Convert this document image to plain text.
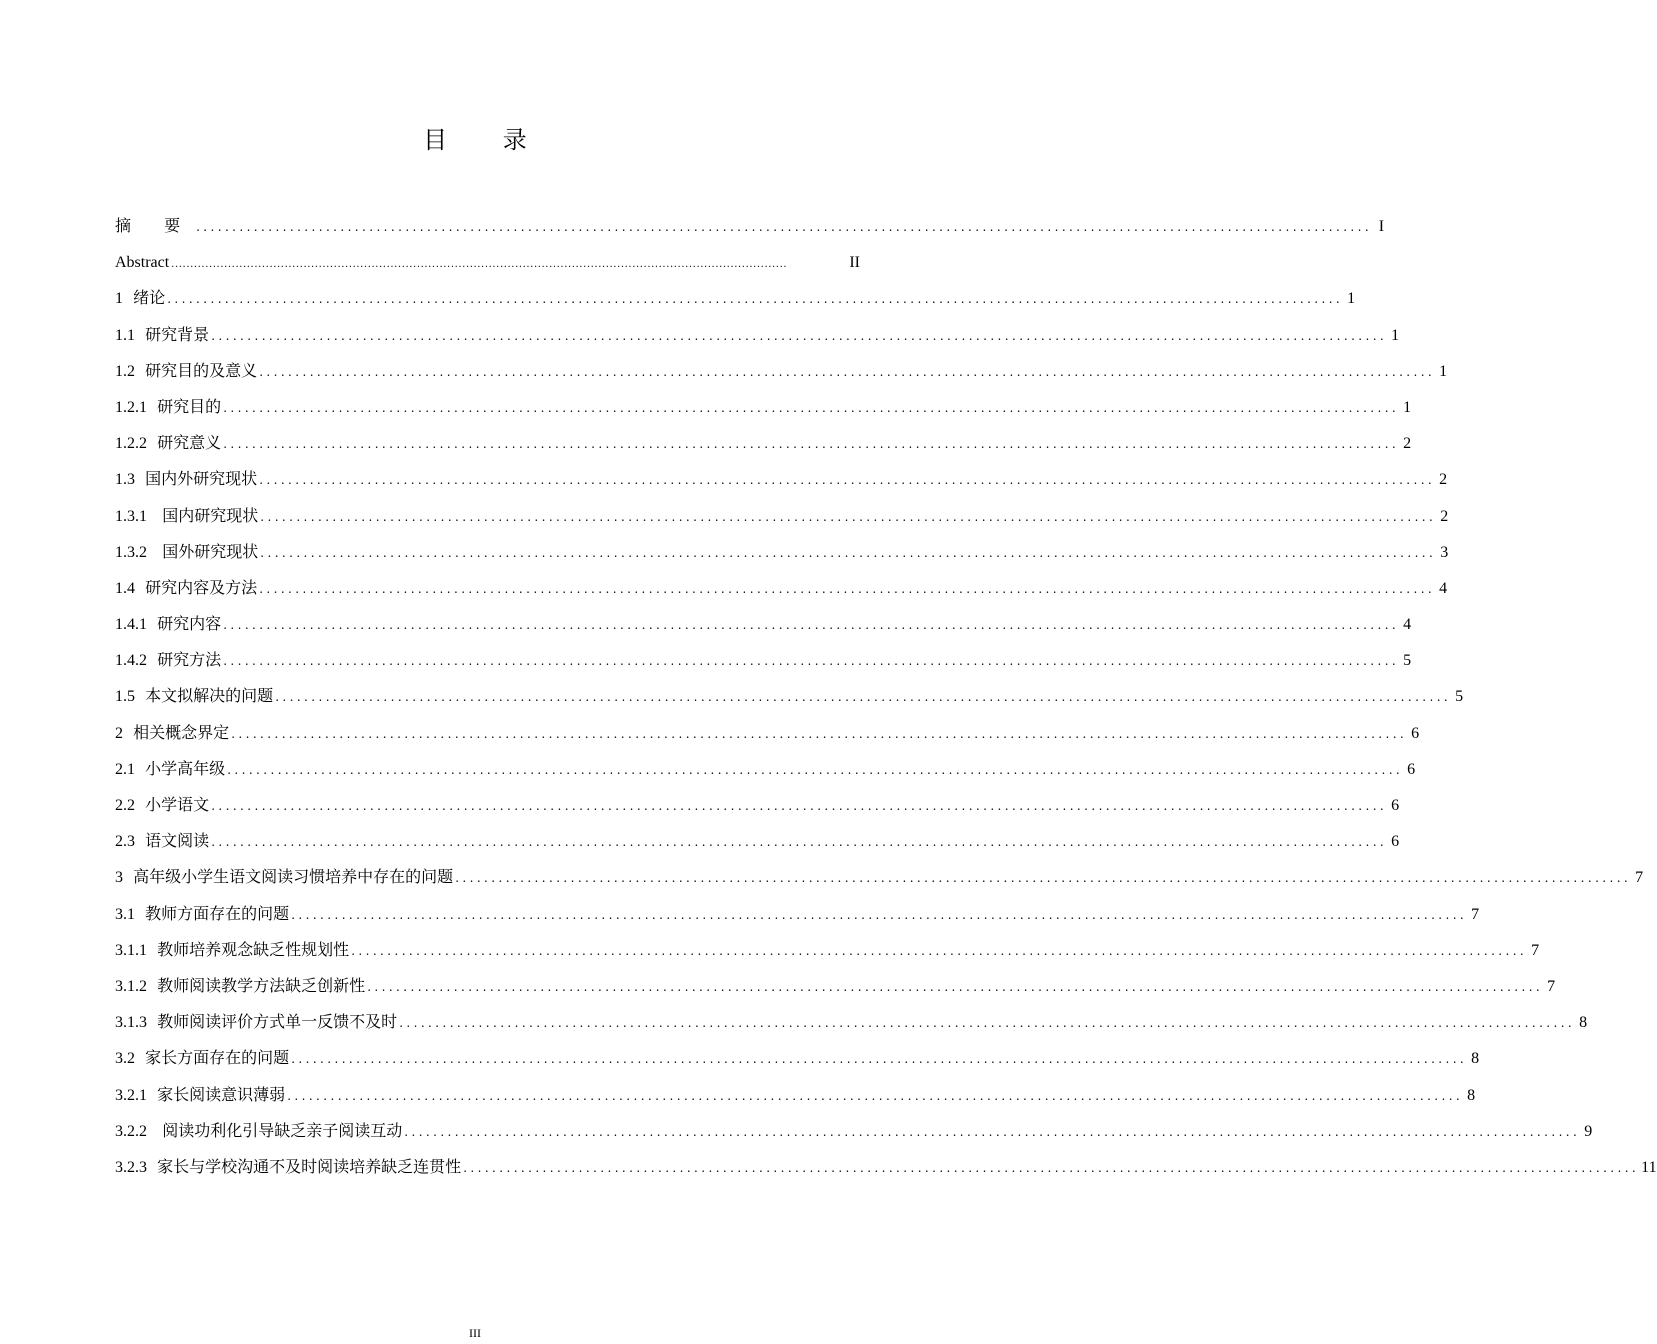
目 录
摘 要 ................................................................................................................................................................... I
Abstract ...................................................................................................................................................................	II
1 绪论 ................................................................................................................................................................... 1
1.1 研究背景 ................................................................................................................................................................... 1
1.2 研究目的及意义 ................................................................................................................................................................... 1
1.2.1 研究目的 ................................................................................................................................................................... 1
1.2.2 研究意义 ................................................................................................................................................................... 2
1.3 国内外研究现状 ................................................................................................................................................................... 2
1.3.1   国内研究现状 ................................................................................................................................................................... 2
1.3.2   国外研究现状 ................................................................................................................................................................... 3
1.4 研究内容及方法 ................................................................................................................................................................... 4
1.4.1 研究内容 ................................................................................................................................................................... 4
1.4.2 研究方法 ................................................................................................................................................................... 5
1.5 本文拟解决的问题 ................................................................................................................................................................... 5
2 相关概念界定 ................................................................................................................................................................... 6
2.1 小学高年级 ................................................................................................................................................................... 6
2.2 小学语文 ................................................................................................................................................................... 6
2.3 语文阅读 ................................................................................................................................................................... 6
3 高年级小学生语文阅读习惯培养中存在的问题 ................................................................................................................................................................... 7
3.1 教师方面存在的问题 ................................................................................................................................................................... 7
3.1.1 教师培养观念缺乏性规划性 ................................................................................................................................................................... 7
3.1.2 教师阅读教学方法缺乏创新性 ................................................................................................................................................................... 7
3.1.3 教师阅读评价方式单一反馈不及时 ................................................................................................................................................................... 8
3.2 家长方面存在的问题 ................................................................................................................................................................... 8
3.2.1 家长阅读意识薄弱 ................................................................................................................................................................... 8
3.2.2   阅读功利化引导缺乏亲子阅读互动 ................................................................................................................................................................... 9
3.2.3 家长与学校沟通不及时阅读培养缺乏连贯性 ................................................................................................................................................................... 11
III
